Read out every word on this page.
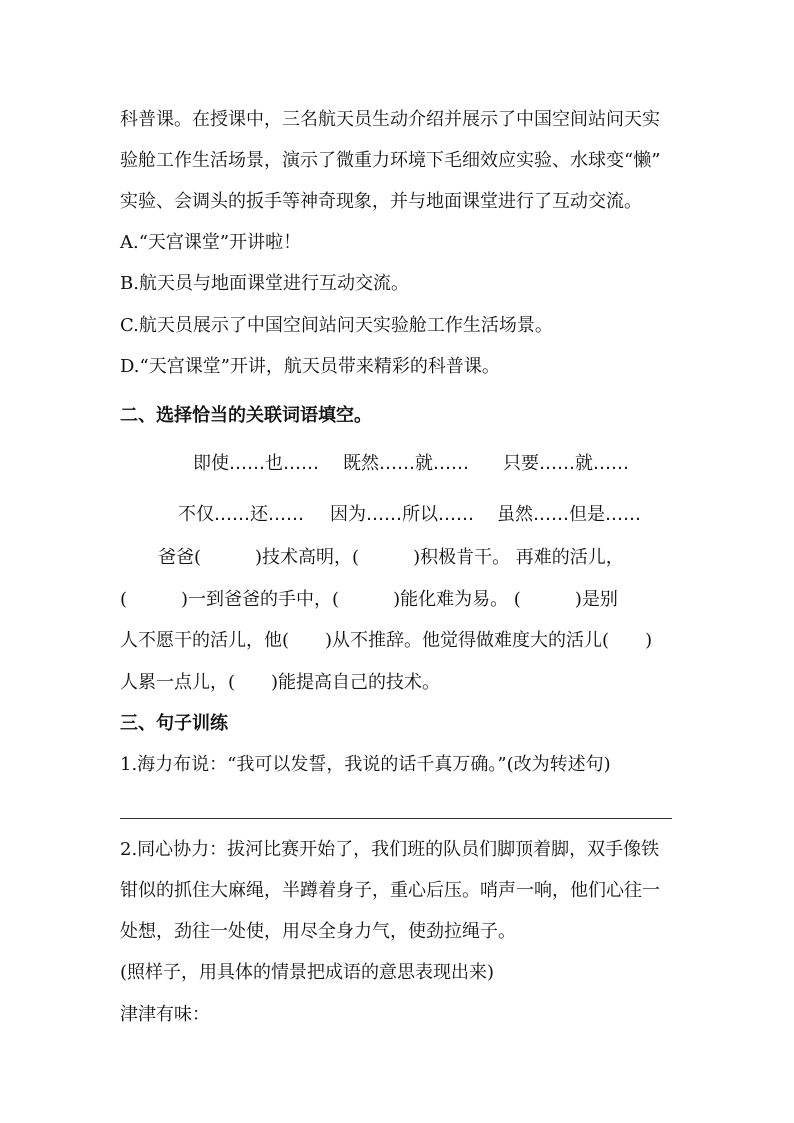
科普课。在授课中，三名航天员生动介绍并展示了中国空间站问天实
验舱工作生活场景，演示了微重力环境下毛细效应实验、水球变“懒”
实验、会调头的扳手等神奇现象，并与地面课堂进行了互动交流。
A.“天宫课堂”开讲啦！
B.航天员与地面课堂进行互动交流。
C.航天员展示了中国空间站问天实验舱工作生活场景。
D.“天宫课堂”开讲，航天员带来精彩的科普课。
二、选择恰当的关联词语填空。
即使……也…… 既然……就…… 只要……就……
不仅……还…… 因为……所以…… 虽然……但是……
爸爸(　　　)技术高明，(　　　)积极肯干。 再难的活儿，
(　　　)一到爸爸的手中，(　　　)能化难为易。 (　　　)是别
人不愿干的活儿，他(　　)从不推辞。他觉得做难度大的活儿(　　)
人累一点儿，(　　)能提高自己的技术。
三、句子训练
1.海力布说：“我可以发誓，我说的话千真万确。”(改为转述句)
2.同心协力：拔河比赛开始了，我们班的队员们脚顶着脚，双手像铁
钳似的抓住大麻绳，半蹲着身子，重心后压。哨声一响，他们心往一
处想，劲往一处使，用尽全身力气，使劲拉绳子。
(照样子，用具体的情景把成语的意思表现出来)
津津有味：
